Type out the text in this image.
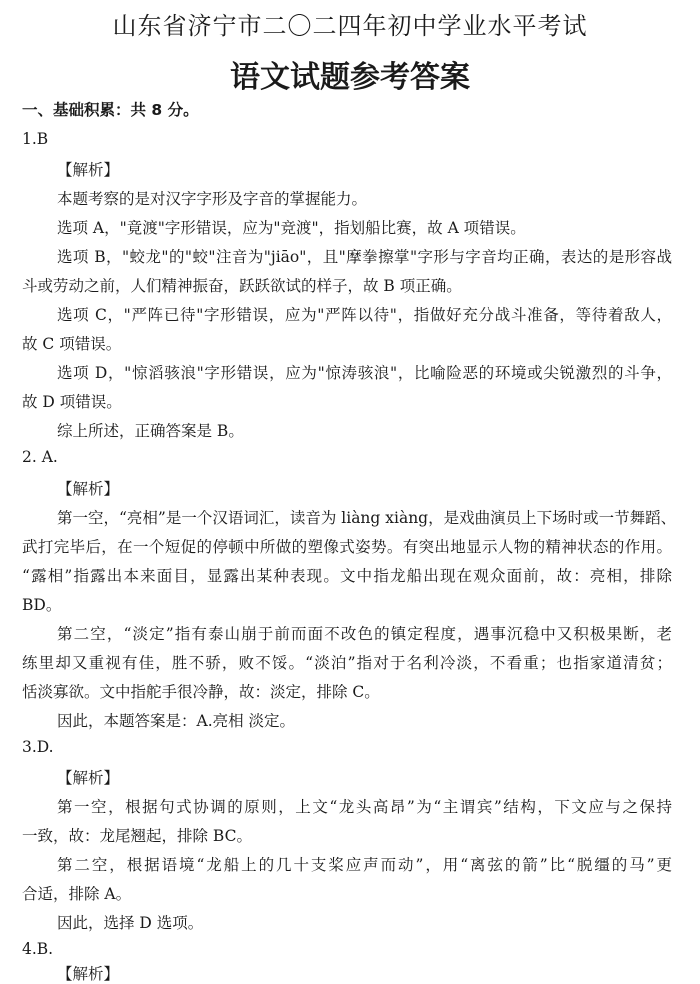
山东省济宁市二〇二四年初中学业水平考试
语文试题参考答案
一、基础积累：共 8 分。
1.B
【解析】
本题考察的是对汉字字形及字音的掌握能力。
选项 A，"竟渡"字形错误，应为"竞渡"，指划船比赛，故 A 项错误。
选项 B，"蛟龙"的"蛟"注音为"jiāo"，且"摩拳擦掌"字形与字音均正确，表达的是形容战
斗或劳动之前，人们精神振奋，跃跃欲试的样子，故 B 项正确。
选项 C，"严阵已待"字形错误，应为"严阵以待"，指做好充分战斗准备，等待着敌人，
故 C 项错误。
选项 D，"惊滔骇浪"字形错误，应为"惊涛骇浪"，比喻险恶的环境或尖锐激烈的斗争，
故 D 项错误。
综上所述，正确答案是 B。
2. A.
【解析】
第一空，“亮相”是一个汉语词汇，读音为 liàng xiàng，是戏曲演员上下场时或一节舞蹈、
武打完毕后，在一个短促的停顿中所做的塑像式姿势。有突出地显示人物的精神状态的作用。
“露相”指露出本来面目，显露出某种表现。文中指龙船出现在观众面前，故：亮相，排除
BD。
第二空，“淡定”指有泰山崩于前而面不改色的镇定程度，遇事沉稳中又积极果断，老
练里却又重视有佳，胜不骄，败不馁。“淡泊”指对于名利冷淡，不看重；也指家道清贫；
恬淡寡欲。文中指舵手很冷静，故：淡定，排除 C。
因此，本题答案是：A.亮相 淡定。
3.D.
【解析】
第一空，根据句式协调的原则，上文“龙头高昂”为“主谓宾”结构，下文应与之保持
一致，故：龙尾翘起，排除 BC。
第二空，根据语境“龙船上的几十支桨应声而动”，用“离弦的箭”比“脱缰的马”更
合适，排除 A。
因此，选择 D 选项。
4.B.
【解析】
